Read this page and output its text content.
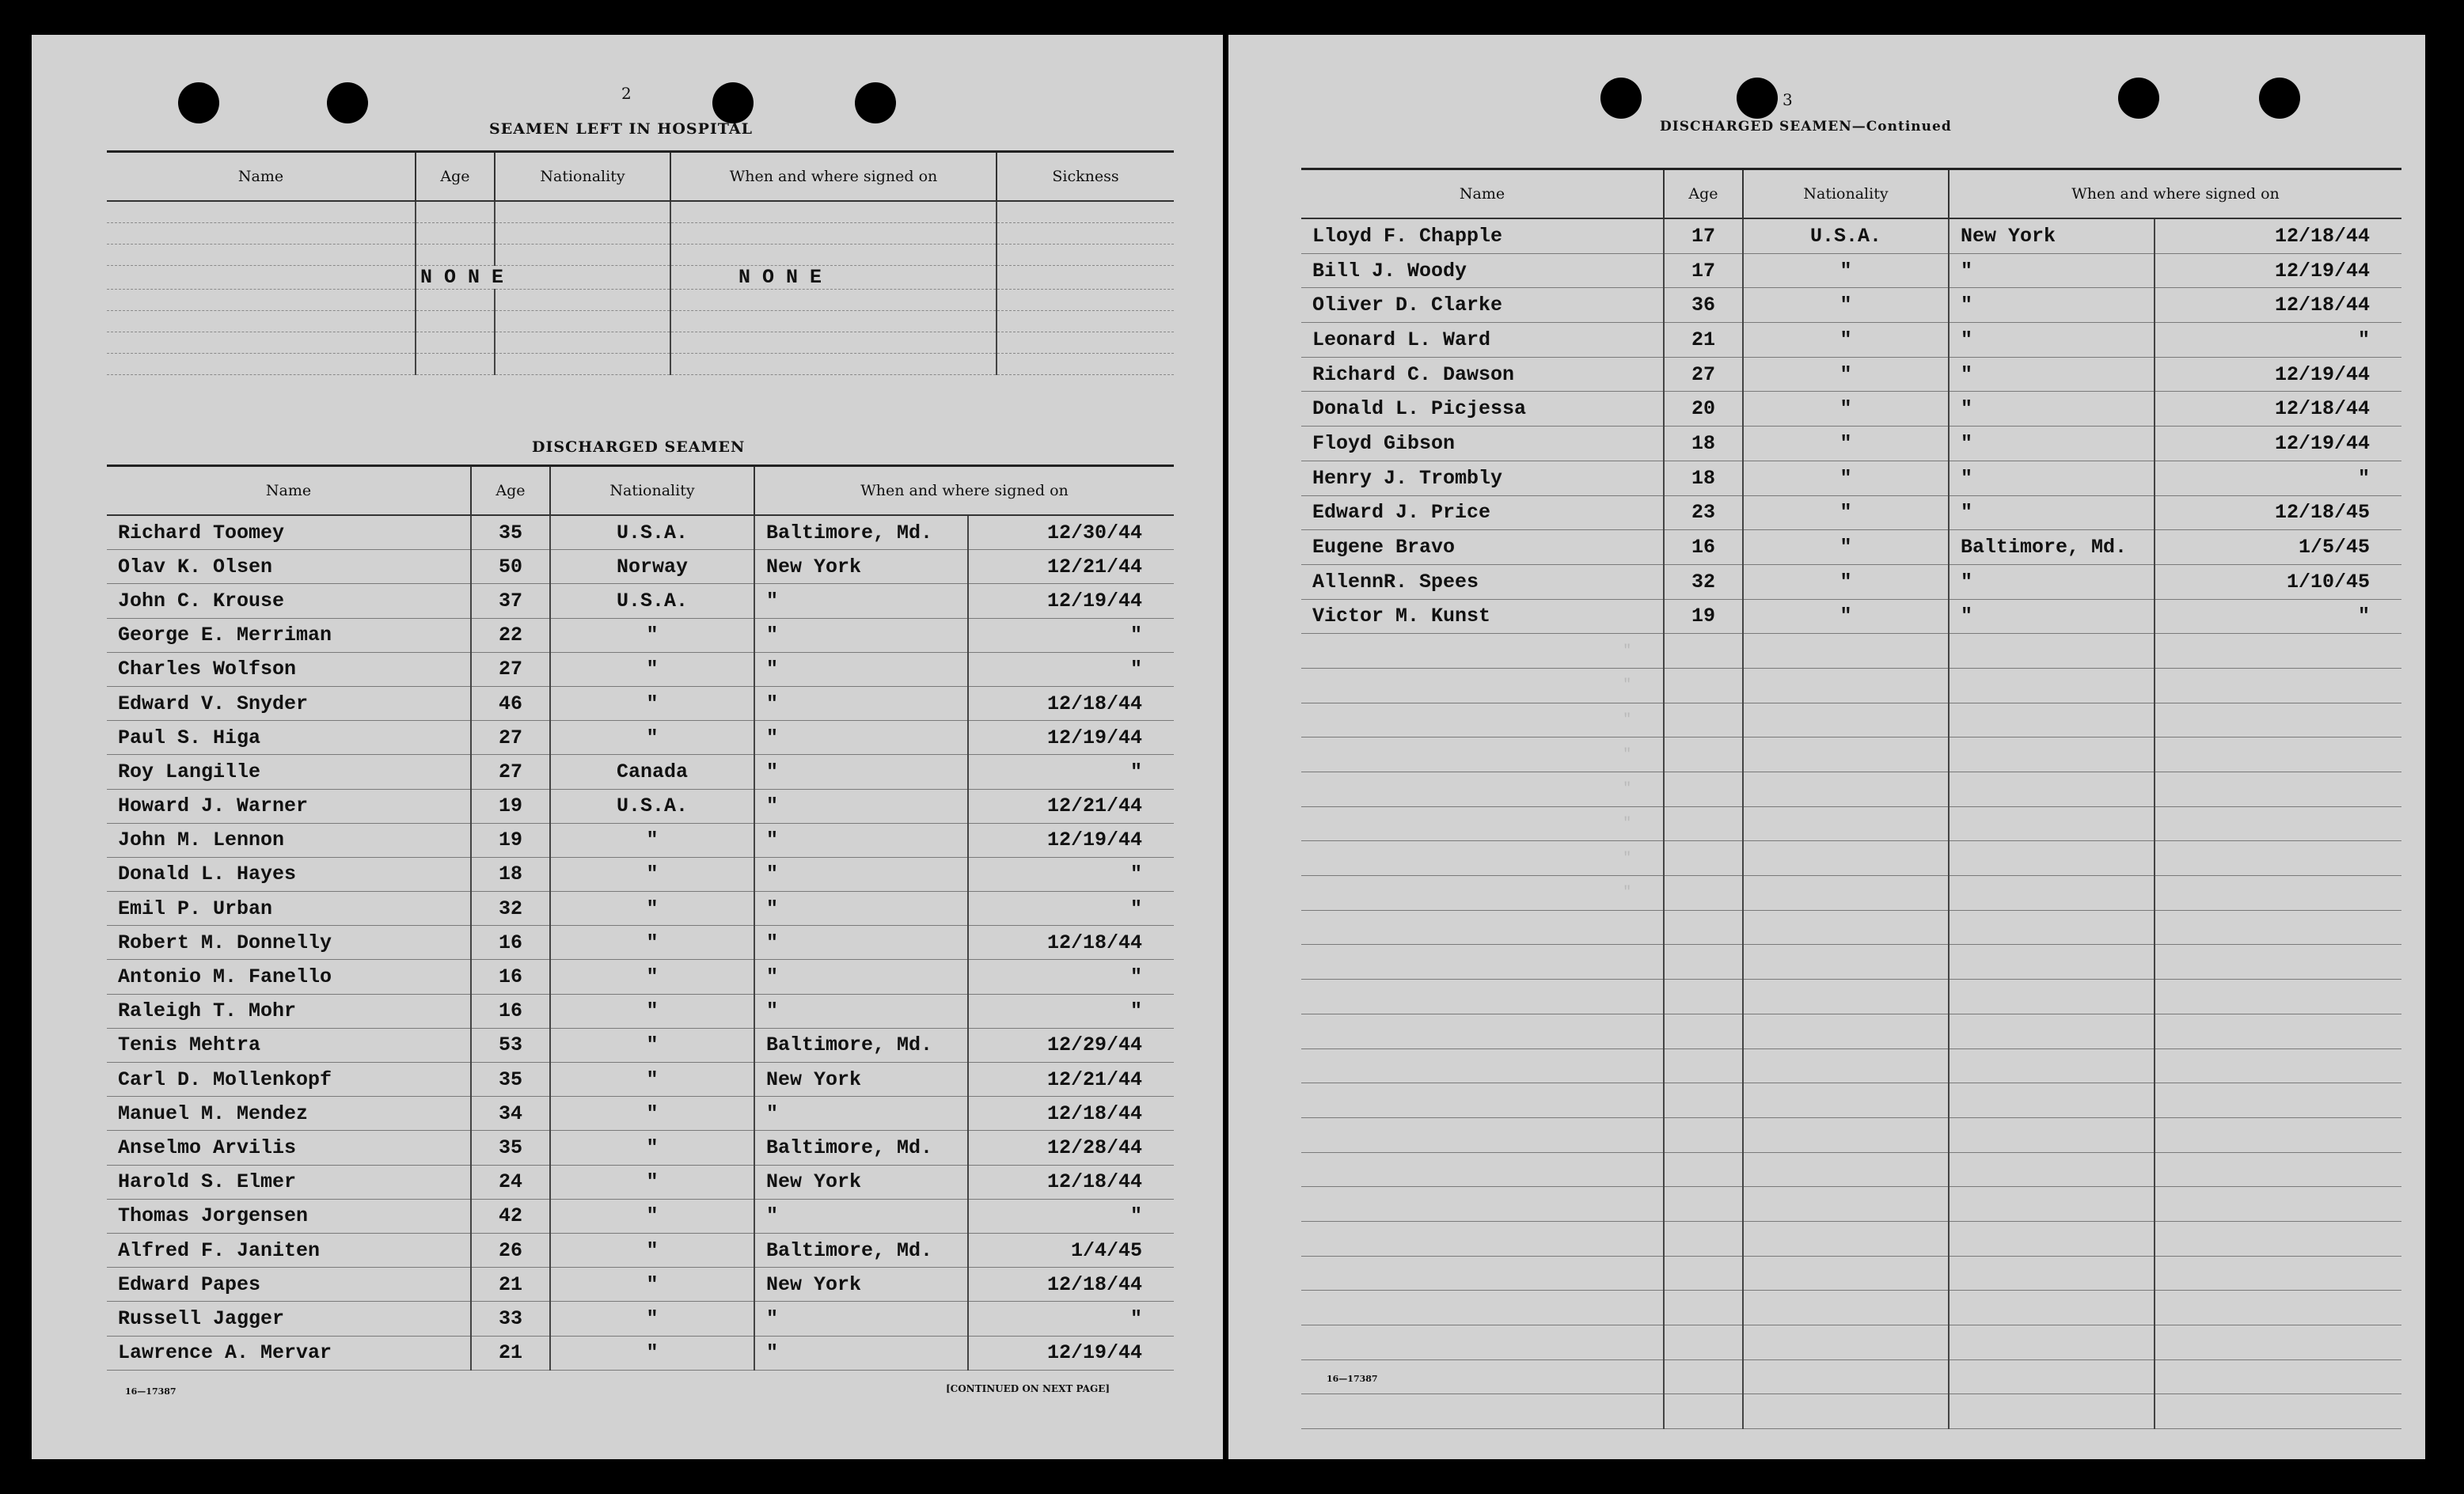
2
SEAMEN LEFT IN HOSPITAL
Name	Age	Nationality	When and where signed on	Sickness

	N O N E		N O N E	

DISCHARGED SEAMEN
Name	Age	Nationality	When and where signed on	
Richard Toomey	35	U.S.A.	Baltimore, Md.	12/30/44
Olav K. Olsen	50	Norway	New York	12/21/44
John C. Krouse	37	U.S.A.	"	12/19/44
George E. Merriman	22	"	"	"
Charles Wolfson	27	"	"	"
Edward V. Snyder	46	"	"	12/18/44
Paul S. Higa	27	"	"	12/19/44
Roy Langille	27	Canada	"	"
Howard J. Warner	19	U.S.A.	"	12/21/44
John M. Lennon	19	"	"	12/19/44
Donald L. Hayes	18	"	"	"
Emil P. Urban	32	"	"	"
Robert M. Donnelly	16	"	"	12/18/44
Antonio M. Fanello	16	"	"	"
Raleigh T. Mohr	16	"	"	"
Tenis Mehtra	53	"	Baltimore, Md.	12/29/44
Carl D. Mollenkopf	35	"	New York	12/21/44
Manuel M. Mendez	34	"	"	12/18/44
Anselmo Arvilis	35	"	Baltimore, Md.	12/28/44
Harold S. Elmer	24	"	New York	12/18/44
Thomas Jorgensen	42	"	"	"
Alfred F. Janiten	26	"	Baltimore, Md.	1/4/45
Edward Papes	21	"	New York	12/18/44
Russell Jagger	33	"	"	"
Lawrence A. Mervar	21	"	"	12/19/44
16—17387	[CONTINUED ON NEXT PAGE]
3
DISCHARGED SEAMEN—Continued
Name	Age	Nationality	When and where signed on	
Lloyd F. Chapple	17	U.S.A.	New York	12/18/44
Bill J. Woody	17	"	"	12/19/44
Oliver D. Clarke	36	"	"	12/18/44
Leonard L. Ward	21	"	"	"
Richard C. Dawson	27	"	"	12/19/44
Donald L. Picjessa	20	"	"	12/18/44
Floyd Gibson	18	"	"	12/19/44
Henry J. Trombly	18	"	"	"
Edward J. Price	23	"	"	12/18/45
Eugene Bravo	16	"	Baltimore, Md.	1/5/45
AllennR. Spees	32	"	"	1/10/45
Victor M. Kunst	19	"	"	"
"				
"				
"				
"				
"				
"				
"				
"				

16—17387
